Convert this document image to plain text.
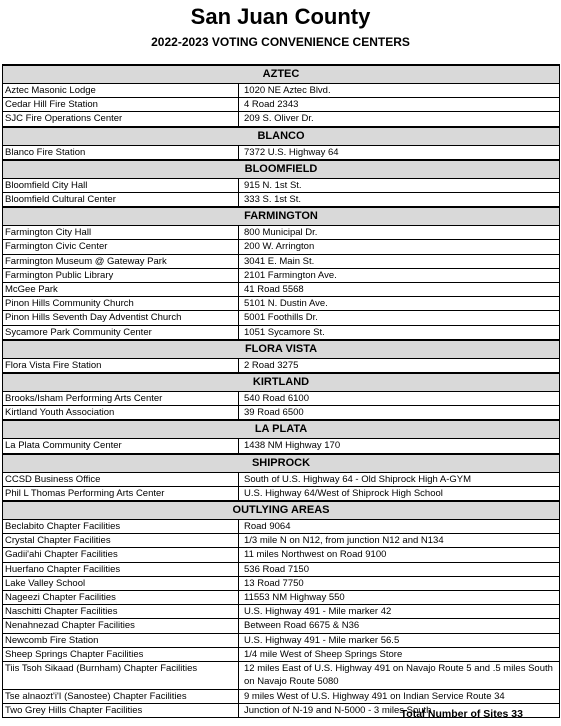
San Juan County
2022-2023 VOTING CONVENIENCE CENTERS
AZTEC	
Aztec Masonic Lodge	1020 NE Aztec Blvd.
Cedar Hill Fire Station	4 Road 2343
SJC Fire Operations Center	209 S. Oliver Dr.
BLANCO	
Blanco Fire Station	7372 U.S. Highway 64
BLOOMFIELD	
Bloomfield City Hall	915 N. 1st St.
Bloomfield Cultural Center	333 S. 1st St.
FARMINGTON	
Farmington City Hall	800 Municipal Dr.
Farmington Civic Center	200 W. Arrington
Farmington Museum @ Gateway Park	3041 E. Main St.
Farmington Public Library	2101 Farmington Ave.
McGee Park	41 Road 5568
Pinon Hills Community Church	5101 N. Dustin Ave.
Pinon Hills Seventh Day Adventist Church	5001 Foothills Dr.
Sycamore Park Community Center	1051 Sycamore St.
FLORA VISTA	
Flora Vista Fire Station	2 Road 3275
KIRTLAND	
Brooks/Isham Performing Arts Center	540 Road 6100
Kirtland Youth Association	39 Road 6500
LA PLATA	
La Plata Community Center	1438 NM Highway 170
SHIPROCK	
CCSD Business Office	South of U.S. Highway 64 - Old Shiprock High A-GYM
Phil L Thomas Performing Arts Center	U.S. Highway 64/West of Shiprock High School
OUTLYING AREAS	
Beclabito Chapter Facilities	Road 9064
Crystal Chapter Facilities	1/3 mile N on N12, from junction N12 and N134
Gadii'ahi Chapter Facilities	11 miles Northwest on Road 9100
Huerfano Chapter Facilities	536 Road 7150
Lake Valley School	13 Road 7750
Nageezi Chapter Facilities	11553 NM Highway 550
Naschitti Chapter Facilities	U.S. Highway 491 - Mile marker 42
Nenahnezad Chapter Facilities	Between Road 6675 & N36
Newcomb Fire Station	U.S. Highway 491 - Mile marker 56.5
Sheep Springs Chapter Facilities	1/4 mile West of Sheep Springs Store
Tiis Tsoh Sikaad (Burnham) Chapter Facilities	12 miles East of U.S. Highway 491 on Navajo Route 5 and .5 miles South on Navajo Route 5080
Tse alnaozt'i'I (Sanostee) Chapter Facilities	9 miles West of U.S. Highway 491 on Indian Service Route 34
Two Grey Hills Chapter Facilities	Junction of N-19 and N-5000 - 3 miles South
Total Number of Sites 33
